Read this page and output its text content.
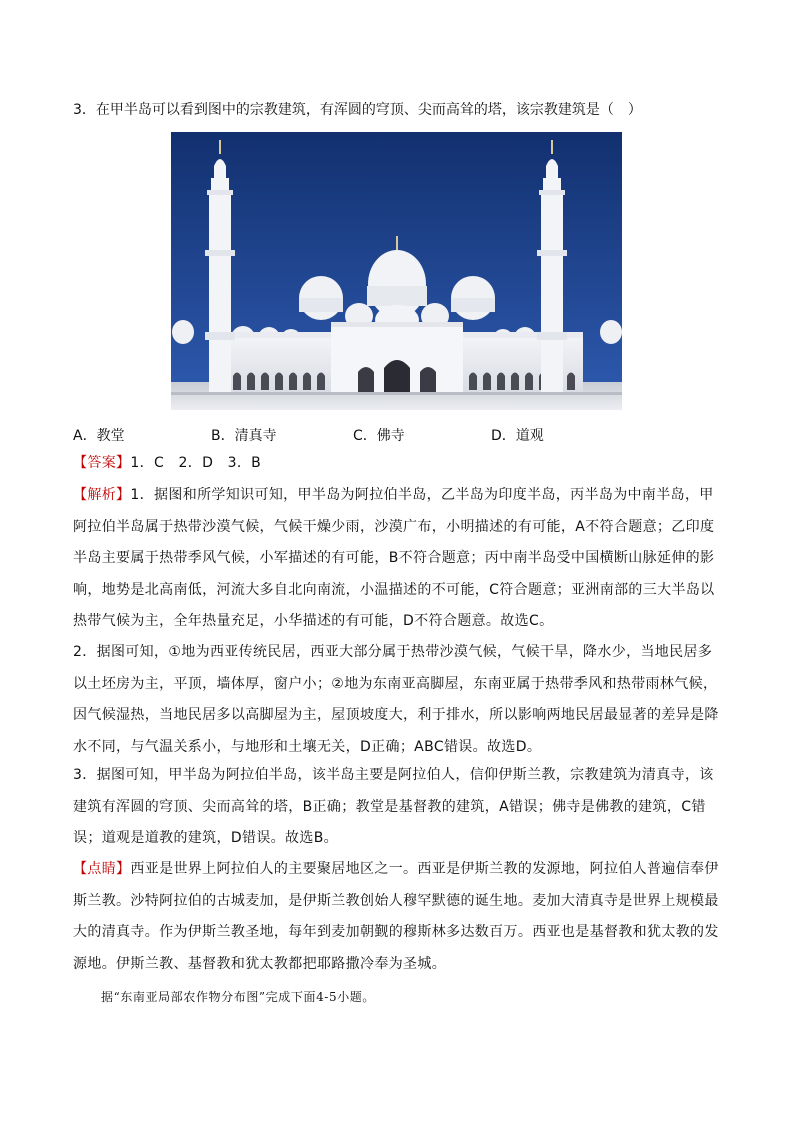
3．在甲半岛可以看到图中的宗教建筑，有浑圆的穹顶、尖而高耸的塔，该宗教建筑是（　）
A．教堂	B．清真寺	C．佛寺	D．道观
【答案】1．C　2．D　3．B
【解析】1．据图和所学知识可知，甲半岛为阿拉伯半岛，乙半岛为印度半岛，丙半岛为中南半岛，甲阿拉伯半岛属于热带沙漠气候，气候干燥少雨，沙漠广布，小明描述的有可能，A不符合题意；乙印度半岛主要属于热带季风气候，小军描述的有可能，B不符合题意；丙中南半岛受中国横断山脉延伸的影响，地势是北高南低，河流大多自北向南流，小温描述的不可能，C符合题意；亚洲南部的三大半岛以热带气候为主，全年热量充足，小华描述的有可能，D不符合题意。故选C。
2．据图可知，①地为西亚传统民居，西亚大部分属于热带沙漠气候，气候干旱，降水少，当地民居多以土坯房为主，平顶，墙体厚，窗户小；②地为东南亚高脚屋，东南亚属于热带季风和热带雨林气候，因气候湿热，当地民居多以高脚屋为主，屋顶坡度大，利于排水，所以影响两地民居最显著的差异是降水不同，与气温关系小，与地形和土壤无关，D正确；ABC错误。故选D。
3．据图可知，甲半岛为阿拉伯半岛，该半岛主要是阿拉伯人，信仰伊斯兰教，宗教建筑为清真寺，该建筑有浑圆的穹顶、尖而高耸的塔，B正确；教堂是基督教的建筑，A错误；佛寺是佛教的建筑，C错误；道观是道教的建筑，D错误。故选B。
【点睛】西亚是世界上阿拉伯人的主要聚居地区之一。西亚是伊斯兰教的发源地，阿拉伯人普遍信奉伊斯兰教。沙特阿拉伯的古城麦加，是伊斯兰教创始人穆罕默德的诞生地。麦加大清真寺是世界上规模最大的清真寺。作为伊斯兰教圣地，每年到麦加朝觐的穆斯林多达数百万。西亚也是基督教和犹太教的发源地。伊斯兰教、基督教和犹太教都把耶路撒冷奉为圣城。
据“东南亚局部农作物分布图”完成下面4-5小题。
